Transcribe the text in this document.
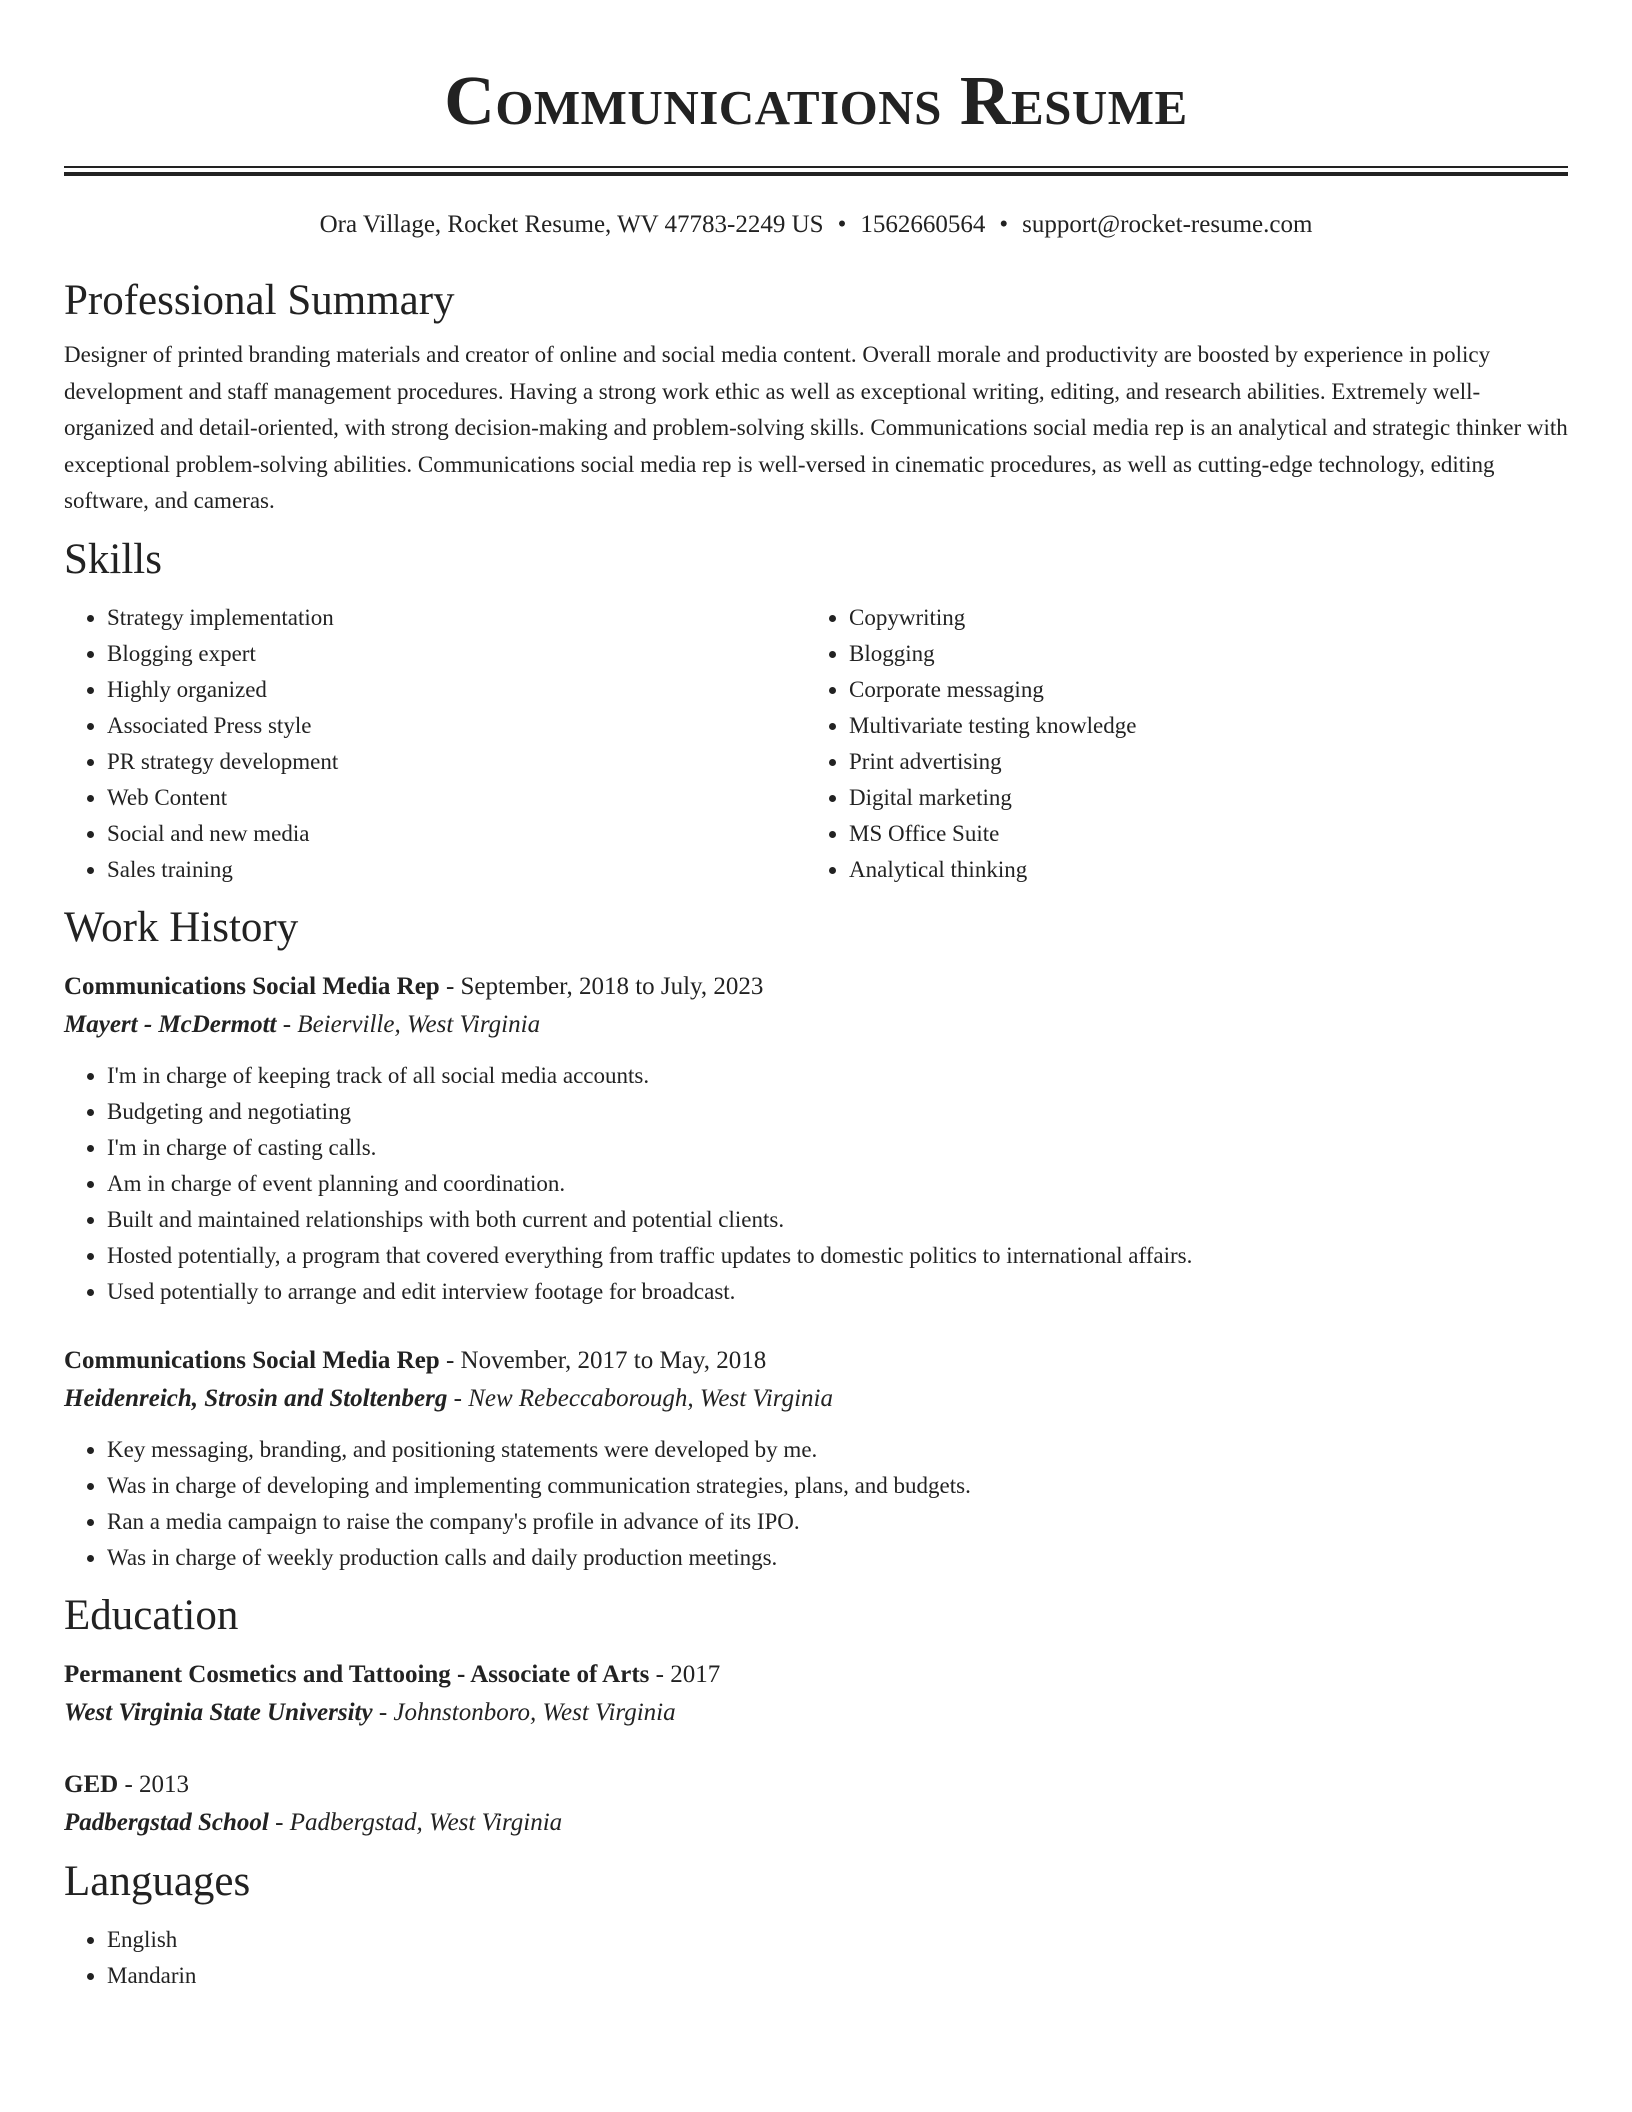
Communications Resume
Ora Village, Rocket Resume, WV 47783-2249 US • 1562660564 • support@rocket-resume.com
Professional Summary

Designer of printed branding materials and creator of online and social media content. Overall morale and productivity are boosted by experience in policy development and staff management procedures. Having a strong work ethic as well as exceptional writing, editing, and research abilities. Extremely well-organized and detail-oriented, with strong decision-making and problem-solving skills. Communications social media rep is an analytical and strategic thinker with exceptional problem-solving abilities. Communications social media rep is well-versed in cinematic procedures, as well as cutting-edge technology, editing software, and cameras.

Skills
• Strategy implementation
• Blogging expert
• Highly organized
• Associated Press style
• PR strategy development
• Web Content
• Social and new media
• Sales training
• Copywriting
• Blogging
• Corporate messaging
• Multivariate testing knowledge
• Print advertising
• Digital marketing
• MS Office Suite
• Analytical thinking
Work History

Communications Social Media Rep - September, 2018 to July, 2023

Mayert - McDermott - Beierville, West Virginia

• I'm in charge of keeping track of all social media accounts.
• Budgeting and negotiating
• I'm in charge of casting calls.
• Am in charge of event planning and coordination.
• Built and maintained relationships with both current and potential clients.
• Hosted potentially, a program that covered everything from traffic updates to domestic politics to international affairs.
• Used potentially to arrange and edit interview footage for broadcast.

Communications Social Media Rep - November, 2017 to May, 2018

Heidenreich, Strosin and Stoltenberg - New Rebeccaborough, West Virginia

• Key messaging, branding, and positioning statements were developed by me.
• Was in charge of developing and implementing communication strategies, plans, and budgets.
• Ran a media campaign to raise the company's profile in advance of its IPO.
• Was in charge of weekly production calls and daily production meetings.
Education

Permanent Cosmetics and Tattooing - Associate of Arts - 2017

West Virginia State University - Johnstonboro, West Virginia

GED - 2013

Padbergstad School - Padbergstad, West Virginia

Languages
• English
• Mandarin
